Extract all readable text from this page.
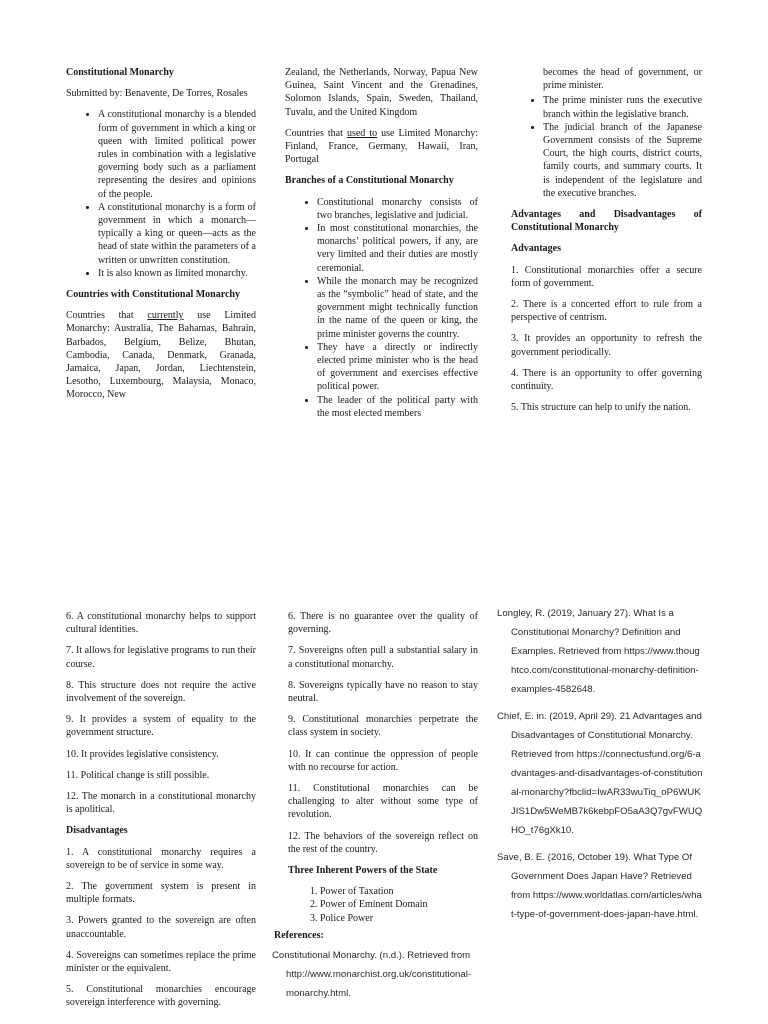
Constitutional Monarchy

Submitted by: Benavente, De Torres, Rosales

• A constitutional monarchy is a blended form of government in which a king or queen with limited political power rules in combination with a legislative governing body such as a parliament representing the desires and opinions of the people.
• A constitutional monarchy is a form of government in which a monarch—typically a king or queen—acts as the head of state within the parameters of a written or unwritten constitution.
• It is also known as limited monarchy.
Countries with Constitutional Monarchy

Countries that currently use Limited Monarchy: Australia, The Bahamas, Bahrain, Barbados, Belgium, Belize, Bhutan, Cambodia, Canada, Denmark, Granada, Jamaica, Japan, Jordan, Liechtenstein, Lesotho, Luxembourg, Malaysia, Monaco, Morocco, New

Zealand, the Netherlands, Norway, Papua New Guinea, Saint Vincent and the Grenadines, Solomon Islands, Spain, Sweden, Thailand, Tuvalu, and the United Kingdom

Countries that used to use Limited Monarchy: Finland, France, Germany, Hawaii, Iran, Portugal

Branches of a Constitutional Monarchy
• Constitutional monarchy consists of two branches, legislative and judicial.
• In most constitutional monarchies, the monarchs’ political powers, if any, are very limited and their duties are mostly ceremonial.
• While the monarch may be recognized as the “symbolic” head of state, and the government might technically function in the name of the queen or king, the prime minister governs the country.
• They have a directly or indirectly elected prime minister who is the head of government and exercises effective political power.
• The leader of the political party with the most elected members

becomes the head of government, or prime minister.

• The prime minister runs the executive branch within the legislative branch.
• The judicial branch of the Japanese Government consists of the Supreme Court, the high courts, district courts, family courts, and summary courts. It is independent of the legislature and the executive branches.
Advantages and Disadvantages of Constitutional Monarchy
Advantages

1. Constitutional monarchies offer a secure form of government.

2. There is a concerted effort to rule from a perspective of centrism.

3. It provides an opportunity to refresh the government periodically.

4. There is an opportunity to offer governing continuity.

5. This structure can help to unify the nation.

6. A constitutional monarchy helps to support cultural identities.

7. It allows for legislative programs to run their course.

8. This structure does not require the active involvement of the sovereign.

9. It provides a system of equality to the government structure.

10. It provides legislative consistency.

11. Political change is still possible.

12. The monarch in a constitutional monarchy is apolitical.

Disadvantages

1. A constitutional monarchy requires a sovereign to be of service in some way.

2. The government system is present in multiple formats.

3. Powers granted to the sovereign are often unaccountable.

4. Sovereigns can sometimes replace the prime minister or the equivalent.

5. Constitutional monarchies encourage sovereign interference with governing.

6. There is no guarantee over the quality of governing.

7. Sovereigns often pull a substantial salary in a constitutional monarchy.

8. Sovereigns typically have no reason to stay neutral.

9. Constitutional monarchies perpetrate the class system in society.

10. It can continue the oppression of people with no recourse for action.

11. Constitutional monarchies can be challenging to alter without some type of revolution.

12. The behaviors of the sovereign reflect on the rest of the country.

Three Inherent Powers of the State
1. Power of Taxation
2. Power of Eminent Domain
3. Police Power
References:

Constitutional Monarchy. (n.d.). Retrieved from
http://www.monarchist.org.uk/constitutional-monarchy.html.

Longley, R. (2019, January 27). What Is a Constitutional Monarchy? Definition and Examples. Retrieved from https://www.thoughtco.com/constitutional-monarchy-definition-examples-4582648.

Chief, E. in. (2019, April 29). 21 Advantages and Disadvantages of Constitutional Monarchy. Retrieved from https://connectusfund.org/6-advantages-and-disadvantages-of-constitutional-monarchy?fbclid=IwAR33wuTiq_oP6WUKJIS1Dw5WeMB7k6kebpFO5aA3Q7gvFWUQHO_t76gXk10.

Save, B. E. (2016, October 19). What Type Of Government Does Japan Have? Retrieved from https://www.worldatlas.com/articles/what-type-of-government-does-japan-have.html.
